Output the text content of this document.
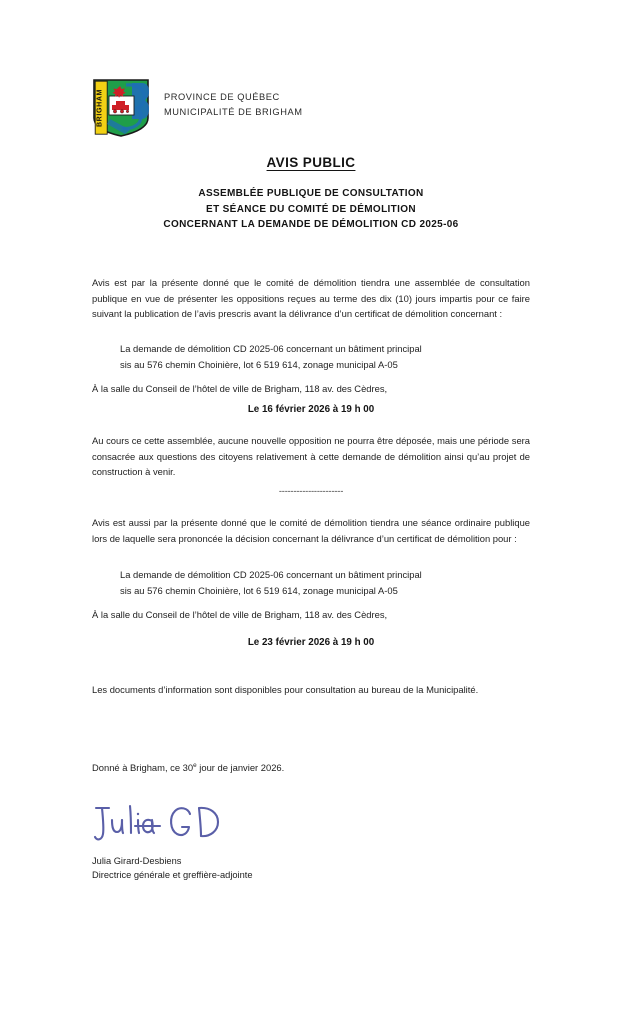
BRIGHAM	PROVINCE DE QUÉBEC
MUNICIPALITÉ DE BRIGHAM
AVIS PUBLIC
ASSEMBLÉE PUBLIQUE DE CONSULTATION
ET SÉANCE DU COMITÉ DE DÉMOLITION
CONCERNANT LA DEMANDE DE DÉMOLITION CD 2025-06
Avis est par la présente donné que le comité de démolition tiendra une assemblée de consultation publique en vue de présenter les oppositions reçues au terme des dix (10) jours impartis pour ce faire suivant la publication de l’avis prescris avant la délivrance d’un certificat de démolition concernant :
La demande de démolition CD 2025-06 concernant un bâtiment principal
sis au 576 chemin Choinière, lot 6 519 614, zonage municipal A-05
À la salle du Conseil de l’hôtel de ville de Brigham, 118 av. des Cèdres,
Le 16 février 2026 à 19 h 00
Au cours ce cette assemblée, aucune nouvelle opposition ne pourra être déposée, mais une période sera consacrée aux questions des citoyens relativement à cette demande de démolition ainsi qu’au projet de construction à venir.
----------------------
Avis est aussi par la présente donné que le comité de démolition tiendra une séance ordinaire publique lors de laquelle sera prononcée la décision concernant la délivrance d’un certificat de démolition pour :
La demande de démolition CD 2025-06 concernant un bâtiment principal
sis au 576 chemin Choinière, lot 6 519 614, zonage municipal A-05
À la salle du Conseil de l’hôtel de ville de Brigham, 118 av. des Cèdres,
Le 23 février 2026 à 19 h 00
Les documents d’information sont disponibles pour consultation au bureau de la Municipalité.
Donné à Brigham, ce 30e jour de janvier 2026.
Julia Girard-Desbiens
Directrice générale et greffière-adjointe
